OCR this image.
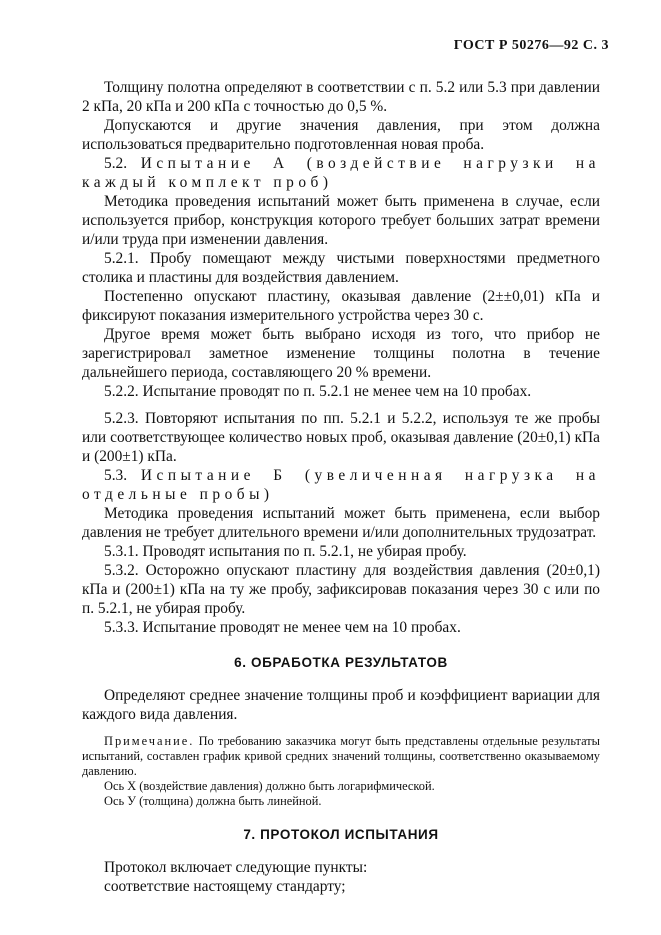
ГОСТ Р 50276—92 С. 3

Толщину полотна определяют в соответствии с п. 5.2 или 5.3 при давлении 2 кПа, 20 кПа и 200 кПа с точностью до 0,5 %.

Допускаются и другие значения давления, при этом должна использоваться предварительно подготовленная новая проба.

5.2. Испытание А (воздействие нагрузки на каждый комплект проб)

Методика проведения испытаний может быть применена в случае, если используется прибор, конструкция которого требует больших затрат времени и/или труда при изменении давления.

5.2.1. Пробу помещают между чистыми поверхностями предметного столика и пластины для воздействия давлением.

Постепенно опускают пластину, оказывая давление (2±±0,01) кПа и фиксируют показания измерительного устройства через 30 с.

Другое время может быть выбрано исходя из того, что прибор не зарегистрировал заметное изменение толщины полотна в течение дальнейшего периода, составляющего 20 % времени.

5.2.2. Испытание проводят по п. 5.2.1 не менее чем на 10 пробах.

5.2.3. Повторяют испытания по пп. 5.2.1 и 5.2.2, используя те же пробы или соответствующее количество новых проб, оказывая давление (20±0,1) кПа и (200±1) кПа.

5.3. Испытание Б (увеличенная нагрузка на отдельные пробы)

Методика проведения испытаний может быть применена, если выбор давления не требует длительного времени и/или дополнительных трудозатрат.

5.3.1. Проводят испытания по п. 5.2.1, не убирая пробу.

5.3.2. Осторожно опускают пластину для воздействия давления (20±0,1) кПа и (200±1) кПа на ту же пробу, зафиксировав показания через 30 с или по п. 5.2.1, не убирая пробу.

5.3.3. Испытание проводят не менее чем на 10 пробах.

6. ОБРАБОТКА РЕЗУЛЬТАТОВ

Определяют среднее значение толщины проб и коэффициент вариации для каждого вида давления.

Примечание. По требованию заказчика могут быть представлены отдельные результаты испытаний, составлен график кривой средних значений толщины, соответственно оказываемому давлению.

Ось X (воздействие давления) должно быть логарифмической.

Ось У (толщина) должна быть линейной.

7. ПРОТОКОЛ ИСПЫТАНИЯ

Протокол включает следующие пункты:

соответствие настоящему стандарту;
